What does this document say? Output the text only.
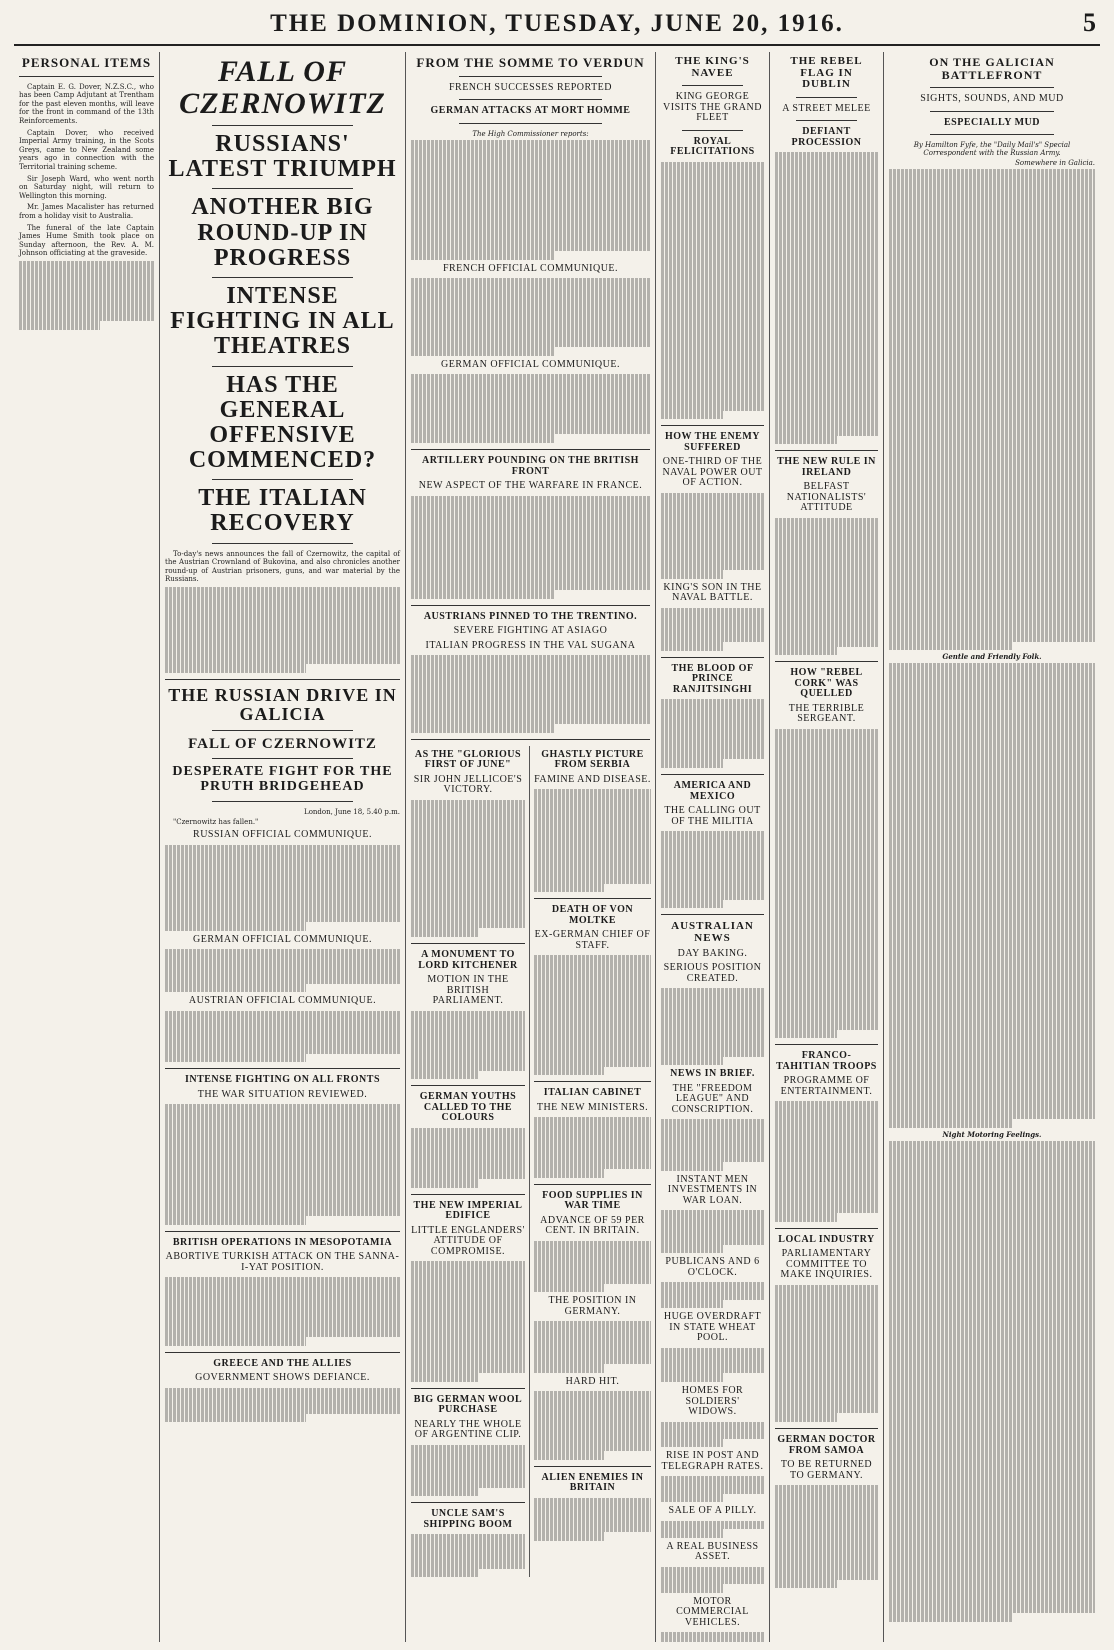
THE DOMINION, TUESDAY, JUNE 20, 1916.	5
PERSONAL ITEMS

Captain E. G. Dover, N.Z.S.C., who has been Camp Adjutant at Trentham for the past eleven months, will leave for the front in command of the 13th Reinforcements.

Captain Dover, who received Imperial Army training, in the Scots Greys, came to New Zealand some years ago in connection with the Territorial training scheme.

Sir Joseph Ward, who went north on Saturday night, will return to Wellington this morning.

Mr. James Macalister has returned from a holiday visit to Australia.

The funeral of the late Captain James Hume Smith took place on Sunday afternoon, the Rev. A. M. Johnson officiating at the graveside.

FALL OF CZERNOWITZ
RUSSIANS' LATEST TRIUMPH
ANOTHER BIG ROUND-UP IN PROGRESS
INTENSE FIGHTING IN ALL THEATRES
HAS THE GENERAL OFFENSIVE COMMENCED?
THE ITALIAN RECOVERY

To-day's news announces the fall of Czernowitz, the capital of the Austrian Crownland of Bukovina, and also chronicles another round-up of Austrian prisoners, guns, and war material by the Russians.

THE RUSSIAN DRIVE IN GALICIA
FALL OF CZERNOWITZ
DESPERATE FIGHT FOR THE PRUTH BRIDGEHEAD
London, June 18, 5.40 p.m.

"Czernowitz has fallen."

RUSSIAN OFFICIAL COMMUNIQUE.
GERMAN OFFICIAL COMMUNIQUE.
AUSTRIAN OFFICIAL COMMUNIQUE.
INTENSE FIGHTING ON ALL FRONTS
THE WAR SITUATION REVIEWED.
BRITISH OPERATIONS IN MESOPOTAMIA
ABORTIVE TURKISH ATTACK ON THE SANNA-I-YAT POSITION.
GREECE AND THE ALLIES
GOVERNMENT SHOWS DEFIANCE.
FROM THE SOMME TO VERDUN
FRENCH SUCCESSES REPORTED
GERMAN ATTACKS AT MORT HOMME
The High Commissioner reports:
FRENCH OFFICIAL COMMUNIQUE.
GERMAN OFFICIAL COMMUNIQUE.
ARTILLERY POUNDING ON THE BRITISH FRONT
NEW ASPECT OF THE WARFARE IN FRANCE.
AUSTRIANS PINNED TO THE TRENTINO.
SEVERE FIGHTING AT ASIAGO
ITALIAN PROGRESS IN THE VAL SUGANA
AS THE "GLORIOUS FIRST OF JUNE"
SIR JOHN JELLICOE'S VICTORY.
A MONUMENT TO LORD KITCHENER
MOTION IN THE BRITISH PARLIAMENT.
GERMAN YOUTHS CALLED TO THE COLOURS
THE NEW IMPERIAL EDIFICE
LITTLE ENGLANDERS' ATTITUDE OF COMPROMISE.
BIG GERMAN WOOL PURCHASE
NEARLY THE WHOLE OF ARGENTINE CLIP.
UNCLE SAM'S SHIPPING BOOM
GHASTLY PICTURE FROM SERBIA
FAMINE AND DISEASE.
DEATH OF VON MOLTKE
EX-GERMAN CHIEF OF STAFF.
ITALIAN CABINET
THE NEW MINISTERS.
FOOD SUPPLIES IN WAR TIME
ADVANCE OF 59 PER CENT. IN BRITAIN.
THE POSITION IN GERMANY.
HARD HIT.
ALIEN ENEMIES IN BRITAIN
THE KING'S NAVEE
KING GEORGE VISITS THE GRAND FLEET
ROYAL FELICITATIONS
HOW THE ENEMY SUFFERED
ONE-THIRD OF THE NAVAL POWER OUT OF ACTION.
KING'S SON IN THE NAVAL BATTLE.
THE BLOOD OF PRINCE RANJITSINGHI
AMERICA AND MEXICO
THE CALLING OUT OF THE MILITIA
AUSTRALIAN NEWS
DAY BAKING.
SERIOUS POSITION CREATED.
NEWS IN BRIEF.
THE "FREEDOM LEAGUE" AND CONSCRIPTION.
INSTANT MEN INVESTMENTS IN WAR LOAN.
PUBLICANS AND 6 O'CLOCK.
HUGE OVERDRAFT IN STATE WHEAT POOL.
HOMES FOR SOLDIERS' WIDOWS.
RISE IN POST AND TELEGRAPH RATES.
SALE OF A PILLY.
A REAL BUSINESS ASSET.
MOTOR COMMERCIAL VEHICLES.
THE REBEL FLAG IN DUBLIN
A STREET MELEE
DEFIANT PROCESSION
THE NEW RULE IN IRELAND
BELFAST NATIONALISTS' ATTITUDE
HOW "REBEL CORK" WAS QUELLED
THE TERRIBLE SERGEANT.
FRANCO-TAHITIAN TROOPS
PROGRAMME OF ENTERTAINMENT.
LOCAL INDUSTRY
PARLIAMENTARY COMMITTEE TO MAKE INQUIRIES.
GERMAN DOCTOR FROM SAMOA
TO BE RETURNED TO GERMANY.
ON THE GALICIAN BATTLEFRONT
SIGHTS, SOUNDS, AND MUD
ESPECIALLY MUD
By Hamilton Fyfe, the "Daily Mail's" Special Correspondent with the Russian Army.
Somewhere in Galicia.
Gentle and Friendly Folk.
Night Motoring Feelings.
